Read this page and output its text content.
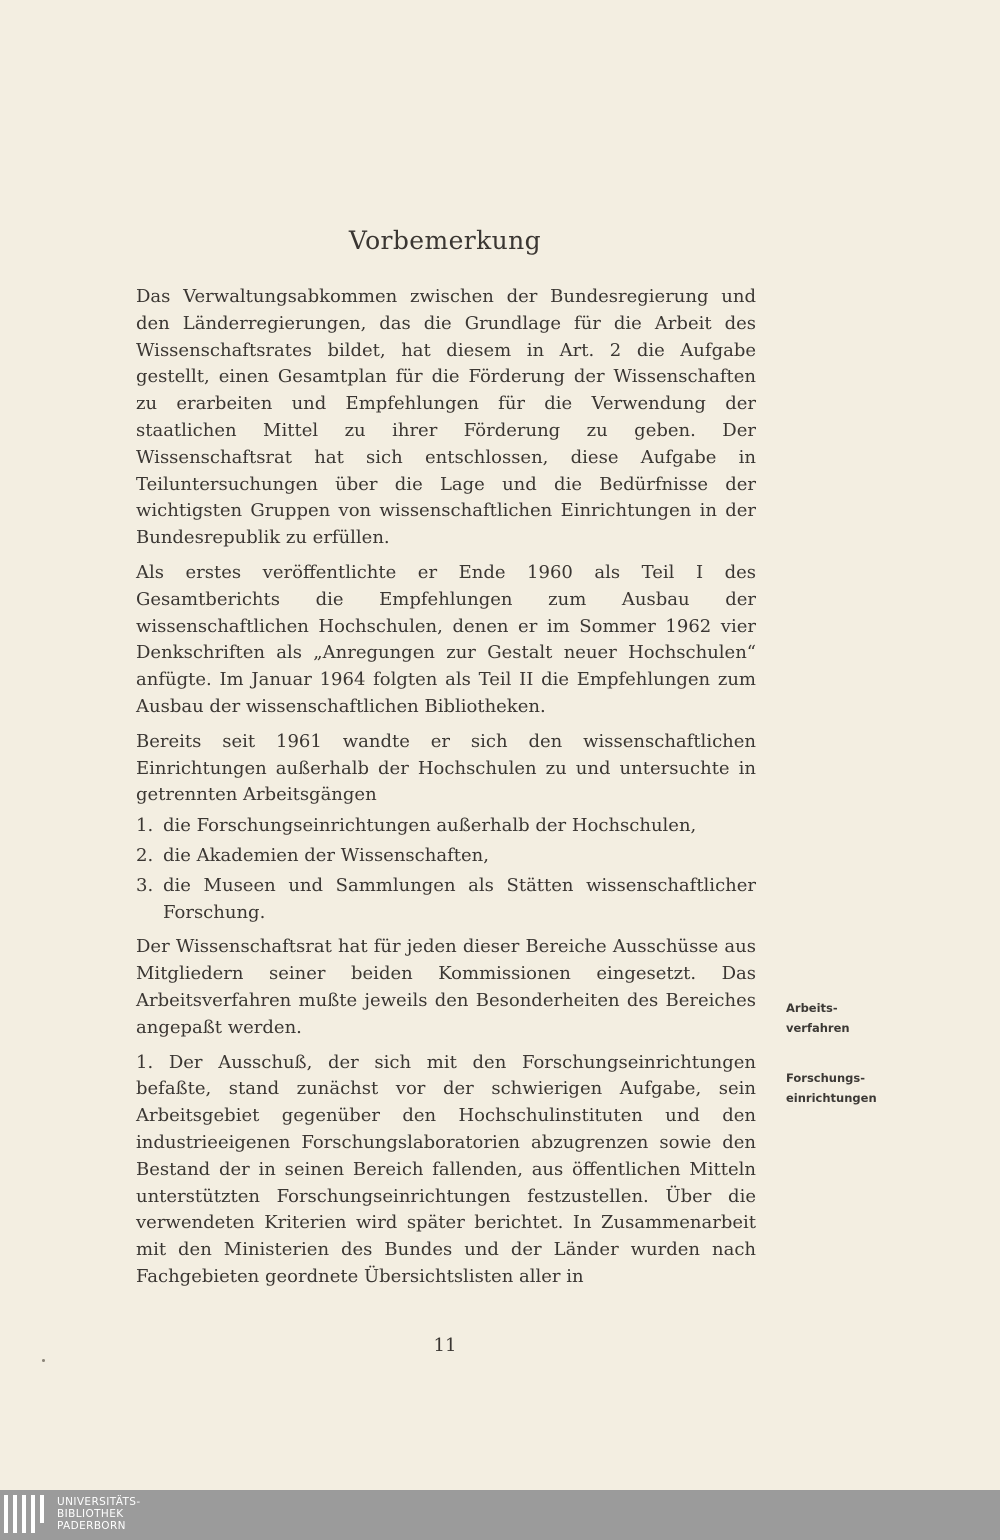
Vorbemerkung

Das Verwaltungsabkommen zwischen der Bundesregierung und den Länderregierungen, das die Grundlage für die Arbeit des Wissenschaftsrates bildet, hat diesem in Art. 2 die Aufgabe gestellt, einen Gesamtplan für die Förderung der Wissenschaften zu erarbeiten und Empfehlungen für die Verwendung der staatlichen Mittel zu ihrer Förderung zu geben. Der Wissenschaftsrat hat sich entschlossen, diese Aufgabe in Teiluntersuchungen über die Lage und die Bedürfnisse der wichtigsten Gruppen von wissenschaftlichen Einrichtungen in der Bundesrepublik zu erfüllen.

Als erstes veröffentlichte er Ende 1960 als Teil I des Gesamtberichts die Empfehlungen zum Ausbau der wissenschaftlichen Hochschulen, denen er im Sommer 1962 vier Denkschriften als „Anregungen zur Gestalt neuer Hochschulen“ anfügte. Im Januar 1964 folgten als Teil II die Empfehlungen zum Ausbau der wissenschaftlichen Bibliotheken.

Bereits seit 1961 wandte er sich den wissenschaftlichen Einrichtungen außerhalb der Hochschulen zu und untersuchte in getrennten Arbeitsgängen

1. die Forschungseinrichtungen außerhalb der Hochschulen,
2. die Akademien der Wissenschaften,
3. die Museen und Sammlungen als Stätten wissenschaftlicher Forschung.

Der Wissenschaftsrat hat für jeden dieser Bereiche Ausschüsse aus Mitgliedern seiner beiden Kommissionen eingesetzt. Das Arbeitsverfahren mußte jeweils den Besonderheiten des Bereiches angepaßt werden.

1. Der Ausschuß, der sich mit den Forschungseinrichtungen befaßte, stand zunächst vor der schwierigen Aufgabe, sein Arbeitsgebiet gegenüber den Hochschulinstituten und den industrieeigenen Forschungslaboratorien abzugrenzen sowie den Bestand der in seinen Bereich fallenden, aus öffentlichen Mitteln unterstützten Forschungseinrichtungen festzustellen. Über die verwendeten Kriterien wird später berichtet. In Zusammenarbeit mit den Ministerien des Bundes und der Länder wurden nach Fachgebieten geordnete Übersichtslisten aller in

Arbeits-
verfahren
Forschungs-
einrichtungen
11
UNIVERSITÄTS-
BIBLIOTHEK
PADERBORN
